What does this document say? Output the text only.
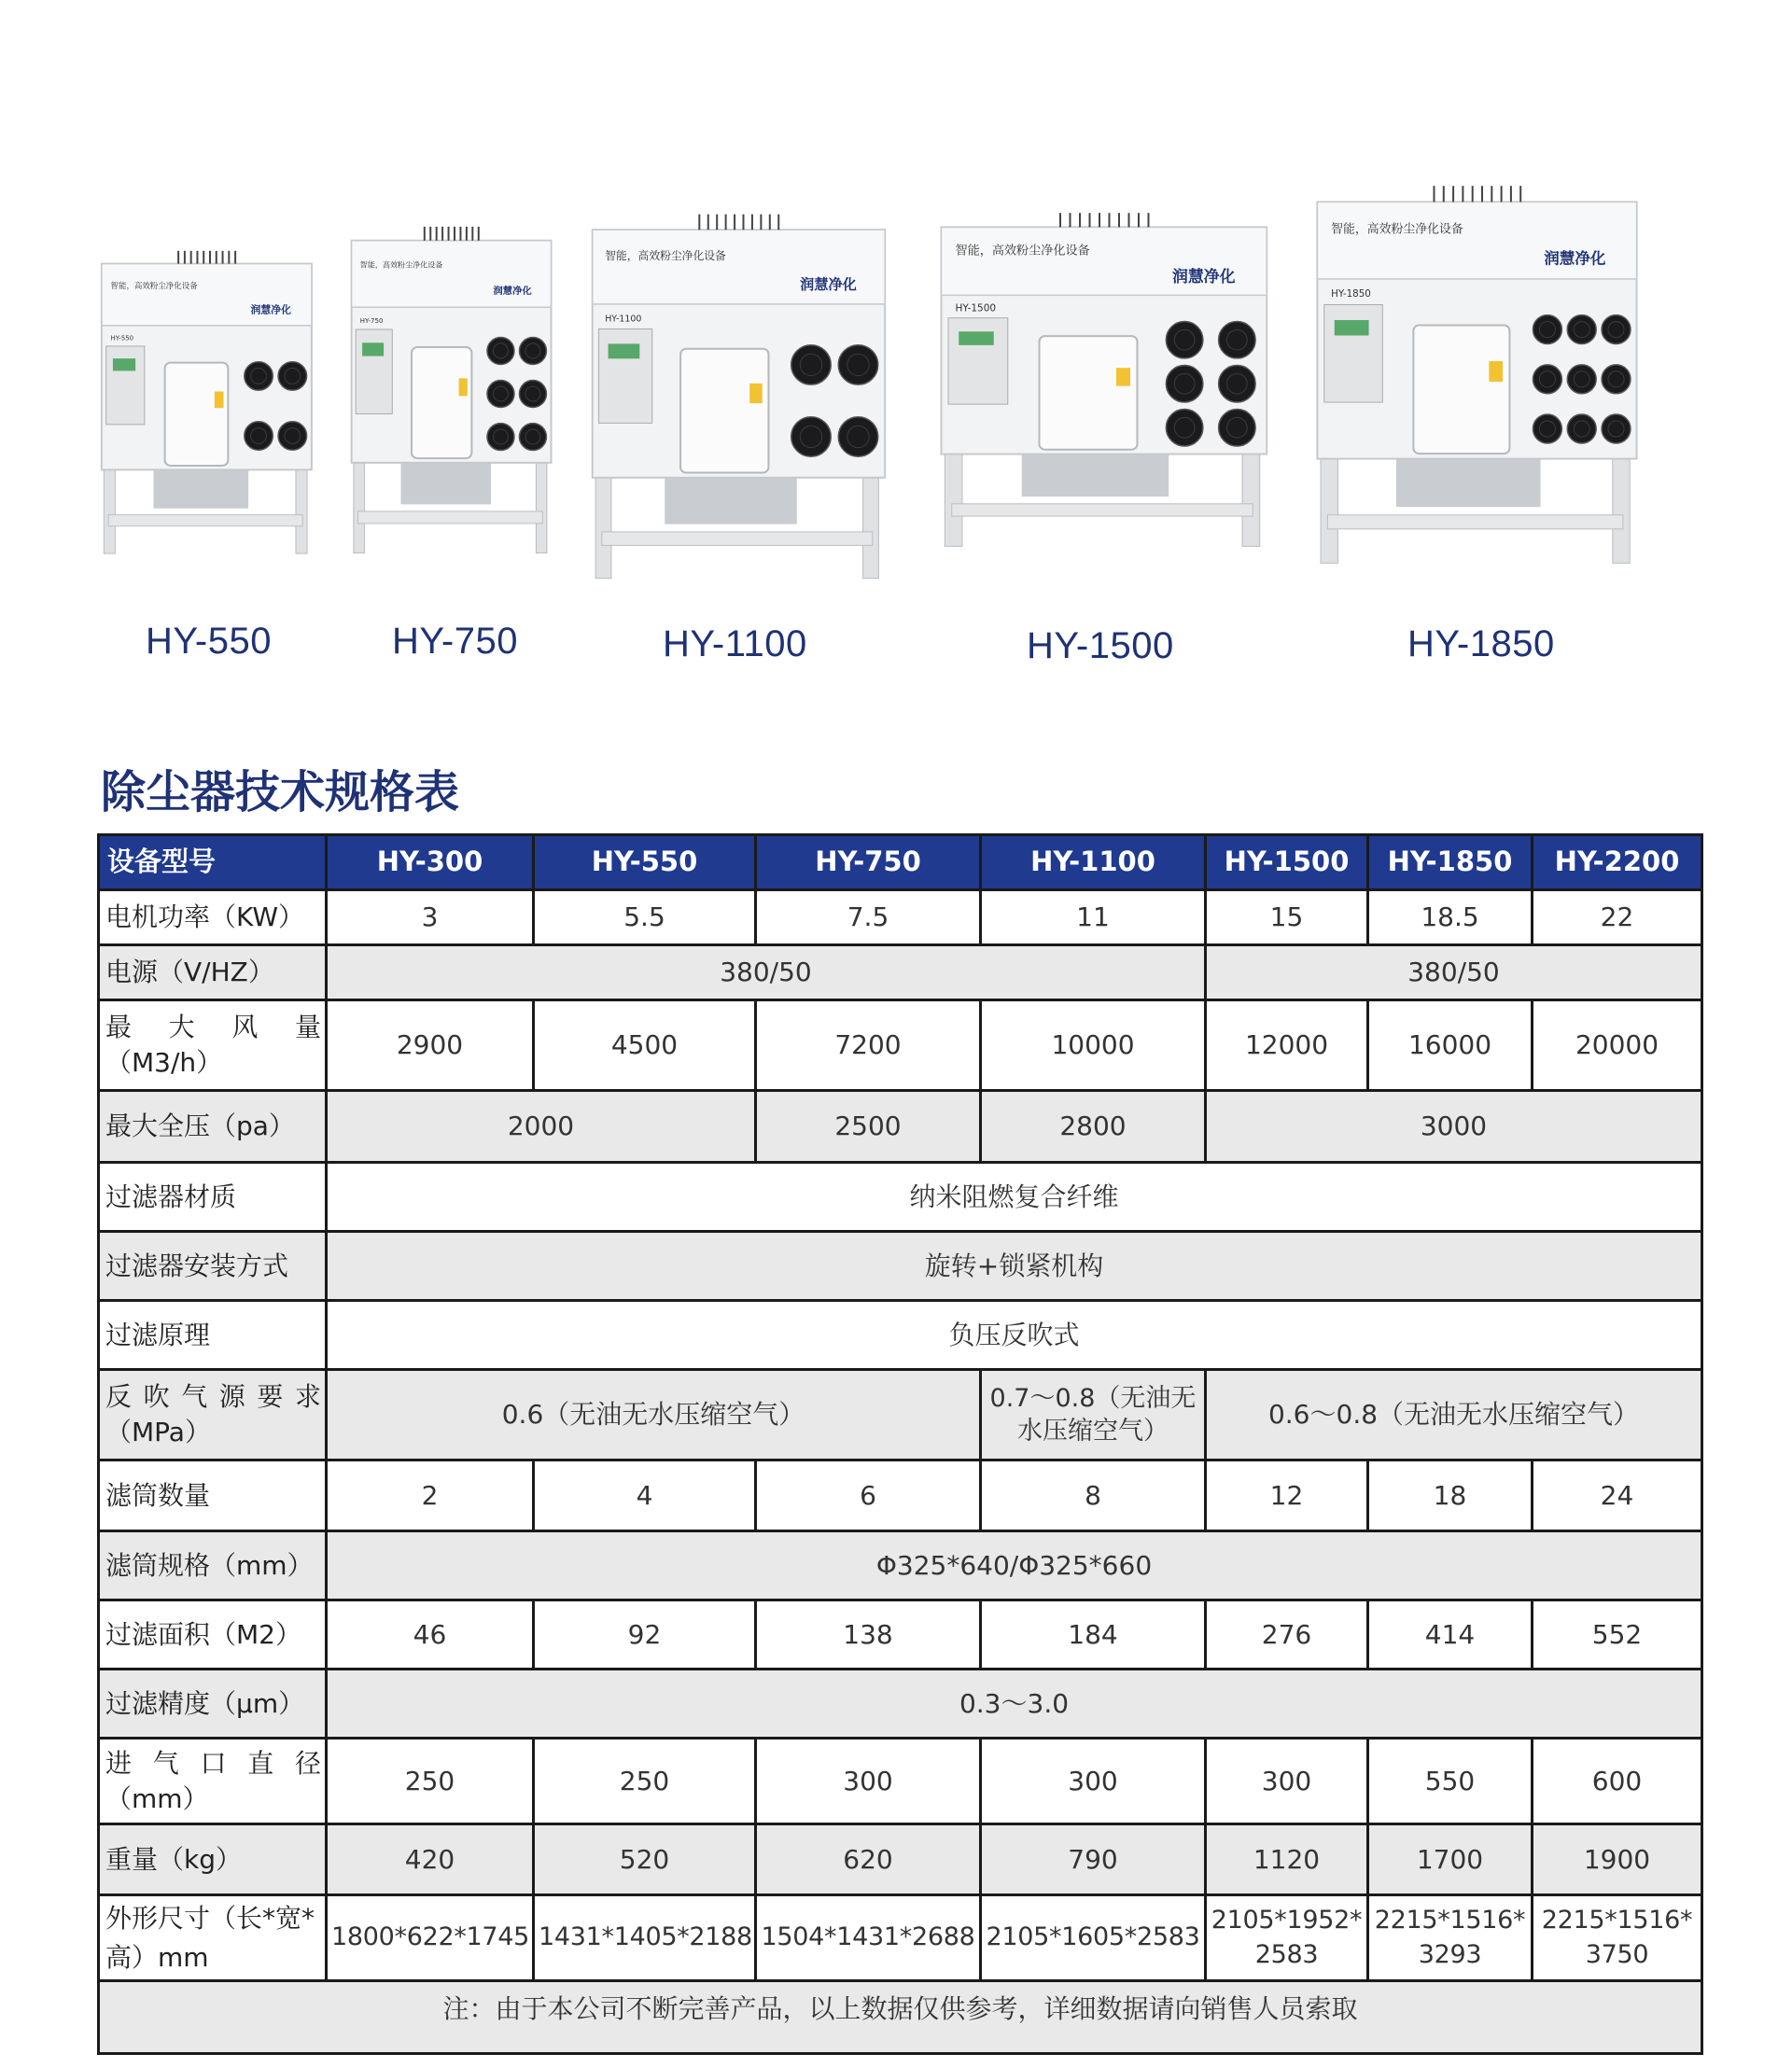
智能，高效粉尘净化设备
润慧净化
HY-550
智能，高效粉尘净化设备
润慧净化
HY-750
智能，高效粉尘净化设备
润慧净化
HY-1100
智能，高效粉尘净化设备
润慧净化
HY-1500
智能，高效粉尘净化设备
润慧净化
HY-1850
HY-550	HY-750	HY-1100	HY-1500	HY-1850
除尘器技术规格表
设备型号	HY-300	HY-550	HY-750	HY-1100	HY-1500	HY-1850	HY-2200
电机功率（KW）	3	5.5	7.5	11	15	18.5	22
电源（V/HZ）	380/50				380/50		

最大风量
（M3/h）	2900	4500	7200	10000	12000	16000	20000
最大全压（pa）	2000		2500	2800	3000		
过滤器材质	纳米阻燃复合纤维						
过滤器安装方式	旋转+锁紧机构						
过滤原理	负压反吹式						

反吹气源要求
（MPa）	0.6（无油无水压缩空气）			0.7～0.8（无油无水压缩空气）	0.6～0.8（无油无水压缩空气）		
滤筒数量	2	4	6	8	12	18	24
滤筒规格（mm）	Φ325*640/Φ325*660						
过滤面积（M2）	46	92	138	184	276	414	552
过滤精度（µm）	0.3～3.0						

进气口直径
（mm）	250	250	300	300	300	550	600
重量（kg）	420	520	620	790	1120	1700	1900
外形尺寸（长*宽*高）mm	1800*622*1745	1431*1405*2188	1504*1431*2688	2105*1605*2583	2105*1952*2583	2215*1516*3293	2215*1516*3750
注：由于本公司不断完善产品，以上数据仅供参考，详细数据请向销售人员索取							
